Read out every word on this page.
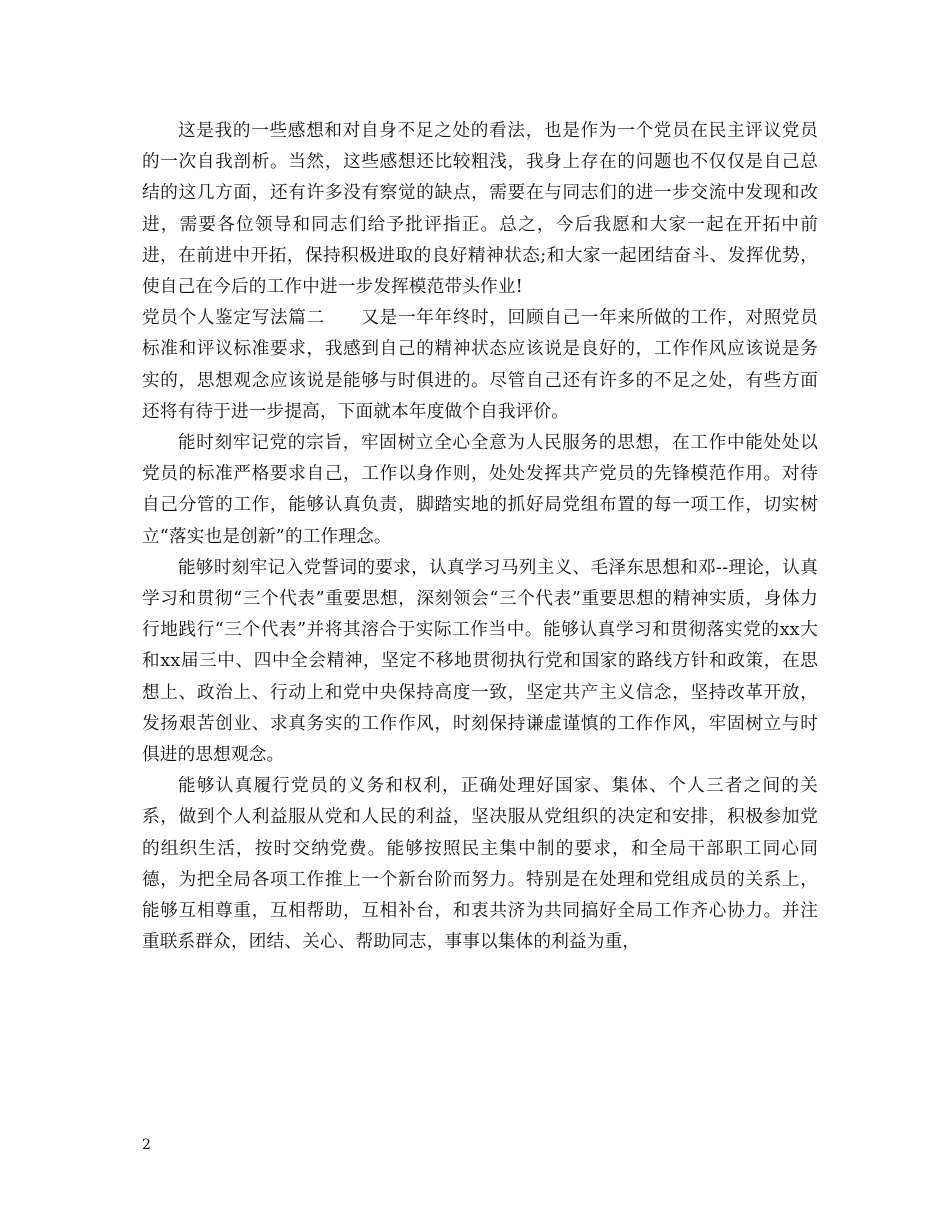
这是我的一些感想和对自身不足之处的看法，也是作为一个党员在民主评议党员的一次自我剖析。当然，这些感想还比较粗浅，我身上存在的问题也不仅仅是自己总结的这几方面，还有许多没有察觉的缺点，需要在与同志们的进一步交流中发现和改进，需要各位领导和同志们给予批评指正。总之，今后我愿和大家一起在开拓中前进，在前进中开拓，保持积极进取的良好精神状态;和大家一起团结奋斗、发挥优势，使自己在今后的工作中进一步发挥模范带头作业!

党员个人鉴定写法篇二　　又是一年年终时，回顾自己一年来所做的工作，对照党员标准和评议标准要求，我感到自己的精神状态应该说是良好的，工作作风应该说是务实的，思想观念应该说是能够与时俱进的。尽管自己还有许多的不足之处，有些方面还将有待于进一步提高，下面就本年度做个自我评价。

能时刻牢记党的宗旨，牢固树立全心全意为人民服务的思想，在工作中能处处以党员的标准严格要求自己，工作以身作则，处处发挥共产党员的先锋模范作用。对待自己分管的工作，能够认真负责，脚踏实地的抓好局党组布置的每一项工作，切实树立“落实也是创新”的工作理念。

能够时刻牢记入党誓词的要求，认真学习马列主义、毛泽东思想和邓--理论，认真学习和贯彻“三个代表”重要思想，深刻领会“三个代表”重要思想的精神实质，身体力行地践行“三个代表”并将其溶合于实际工作当中。能够认真学习和贯彻落实党的xx大和xx届三中、四中全会精神，坚定不移地贯彻执行党和国家的路线方针和政策，在思想上、政治上、行动上和党中央保持高度一致，坚定共产主义信念，坚持改革开放，发扬艰苦创业、求真务实的工作作风，时刻保持谦虚谨慎的工作作风，牢固树立与时俱进的思想观念。

能够认真履行党员的义务和权利，正确处理好国家、集体、个人三者之间的关系，做到个人利益服从党和人民的利益，坚决服从党组织的决定和安排，积极参加党的组织生活，按时交纳党费。能够按照民主集中制的要求，和全局干部职工同心同德，为把全局各项工作推上一个新台阶而努力。特别是在处理和党组成员的关系上，能够互相尊重，互相帮助，互相补台，和衷共济为共同搞好全局工作齐心协力。并注重联系群众，团结、关心、帮助同志，事事以集体的利益为重，

2
